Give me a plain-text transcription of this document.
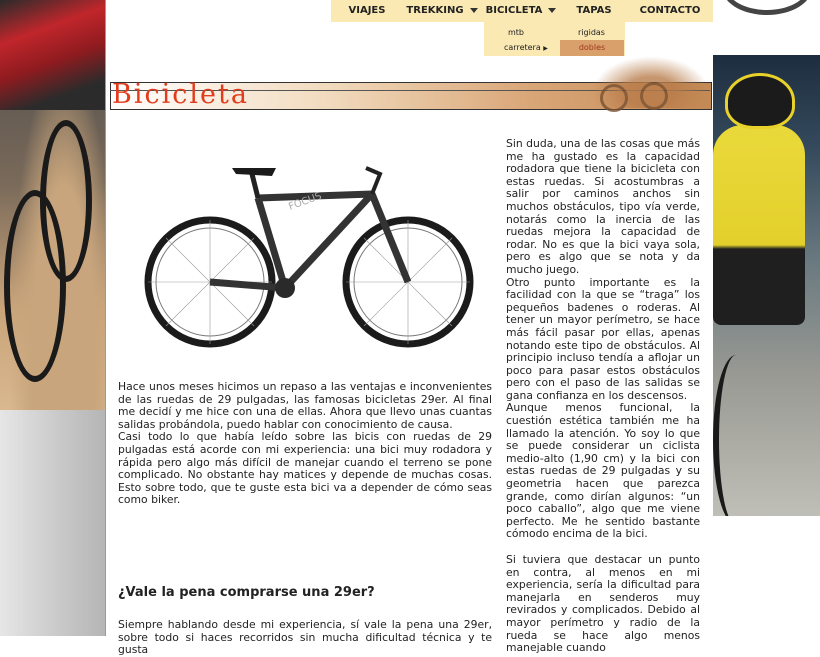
VIAJES	TREKKING	BICICLETA	TAPAS	CONTACTO
mtb	rigidas
carretera ▶	dobles
Bicicleta
FOCUS

Hace unos meses hicimos un repaso a las ventajas e inconvenientes de las ruedas de 29 pulgadas, las famosas bicicletas 29er. Al final me decidí y me hice con una de ellas. Ahora que llevo unas cuantas salidas probándola, puedo hablar con conocimiento de causa.

Casi todo lo que había leído sobre las bicis con ruedas de 29 pulgadas está acorde con mi experiencia: una bici muy rodadora y rápida pero algo más difícil de manejar cuando el terreno se pone complicado. No obstante hay matices y depende de muchas cosas. Esto sobre todo, que te guste esta bici va a depender de cómo seas como biker.

¿Vale la pena comprarse una 29er?

Siempre hablando desde mi experiencia, sí vale la pena una 29er, sobre todo si haces recorridos sin mucha dificultad técnica y te gusta

Sin duda, una de las cosas que más me ha gustado es la capacidad rodadora que tiene la bicicleta con estas ruedas. Si acostumbras a salir por caminos anchos sin muchos obstáculos, tipo vía verde, notarás como la inercia de las ruedas mejora la capacidad de rodar. No es que la bici vaya sola, pero es algo que se nota y da mucho juego.

Otro punto importante es la facilidad con la que se “traga” los pequeños badenes o roderas. Al tener un mayor perímetro, se hace más fácil pasar por ellas, apenas notando este tipo de obstáculos. Al principio incluso tendía a aflojar un poco para pasar estos obstáculos pero con el paso de las salidas se gana confianza en los descensos.

Aunque menos funcional, la cuestión estética también me ha llamado la atención. Yo soy lo que se puede considerar un ciclista medio-alto (1,90 cm) y la bici con estas ruedas de 29 pulgadas y su geometria hacen que parezca grande, como dirían algunos: “un poco caballo”, algo que me viene perfecto. Me he sentido bastante cómodo encima de la bici.

Si tuviera que destacar un punto en contra, al menos en mi experiencia, sería la dificultad para manejarla en senderos muy revirados y complicados. Debido al mayor perímetro y radio de la rueda se hace algo menos manejable cuando
